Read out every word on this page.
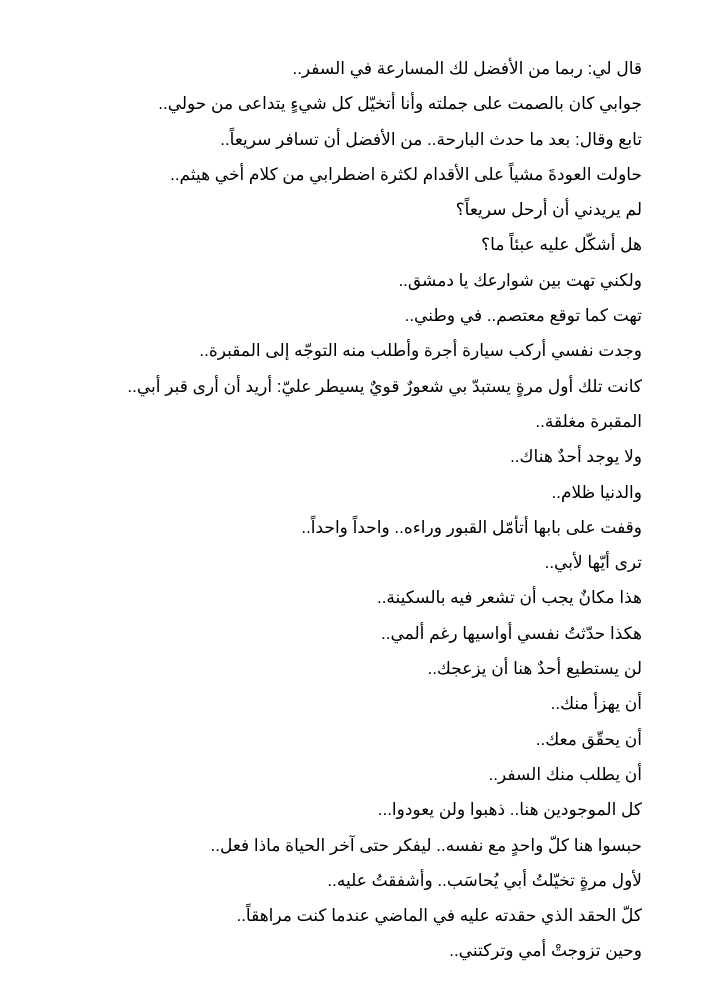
قال لي: ربما من الأفضل لك المسارعة في السفر..
جوابي كان بالصمت على جملته وأنا أتخيّل كل شيءٍ يتداعى من حولي..
تابع وقال: بعد ما حدث البارحة.. من الأفضل أن تسافر سريعاً..
حاولت العودةَ مشياً على الأقدام لكثرة اضطرابي من كلام أخي هيثم..
لم يريدني أن أرحل سريعاً؟
هل أشكّل عليه عبئاً ما؟
ولكني تهت بين شوارعك يا دمشق..
تهت كما توقع معتصم.. في وطني..
وجدت نفسي أركب سيارة أجرة وأطلب منه التوجّه إلى المقبرة..
كانت تلك أول مرةٍ يستبدّ بي شعورٌ قويٌ يسيطر عليّ: أريد أن أرى قبر أبي..
المقبرة مغلقة..
ولا يوجد أحدٌ هناك..
والدنيا ظلام..
وقفت على بابها أتأمّل القبور وراءه.. واحداً واحداً..
ترى أيّها لأبي..
هذا مكانٌ يجب أن تشعر فيه بالسكينة..
هكذا حدّثتُ نفسي أواسيها رغم ألمي..
لن يستطيع أحدٌ هنا أن يزعجك..
أن يهزأ منك..
أن يحقّق معك..
أن يطلب منك السفر..
كل الموجودين هنا.. ذهبوا ولن يعودوا...
حبسوا هنا كلّ واحدٍ مع نفسه.. ليفكر حتى آخر الحياة ماذا فعل..
لأول مرةٍ تخيّلتُ أبي يُحاسَب.. وأشفقتُ عليه..
كلّ الحقد الذي حقدته عليه في الماضي عندما كنت مراهقاً..
وحين تزوجتْ أمي وتركتني..
